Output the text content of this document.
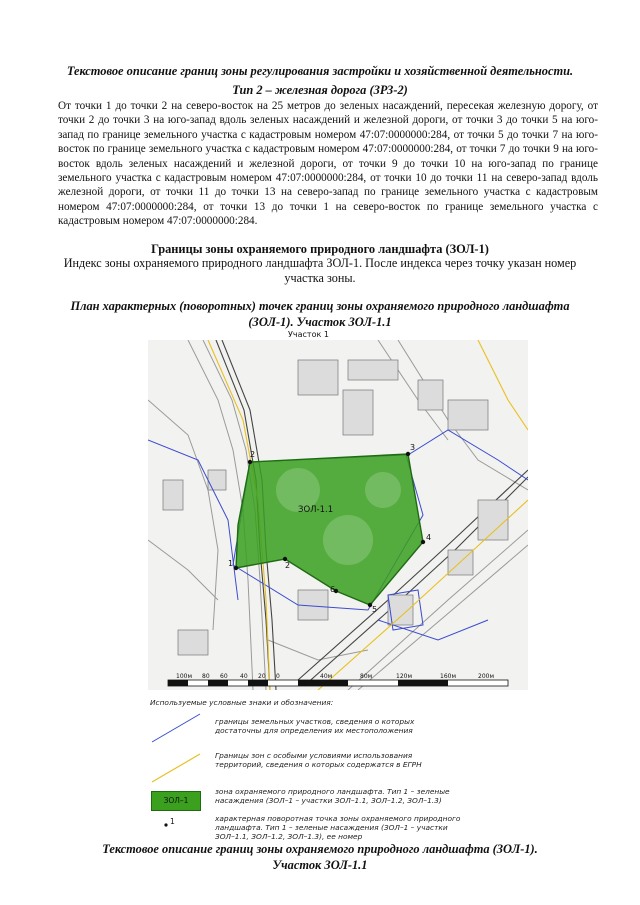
Текстовое описание границ зоны регулирования застройки и хозяйственной деятельности.
Тип 2 – железная дорога (ЗРЗ-2)
От точки 1 до точки 2 на северо-восток на 25 метров до зеленых насаждений, пересекая железную дорогу, от точки 2 до точки 3 на юго-запад вдоль зеленых насаждений и железной дороги, от точки 3 до точки 5 на юго-запад по границе земельного участка с кадастровым номером 47:07:0000000:284, от точки 5 до точки 7 на юго-восток по границе земельного участка с кадастровым номером 47:07:0000000:284, от точки 7 до точки 9 на юго-восток вдоль зеленых насаждений и железной дороги, от точки 9 до точки 10 на юго-запад по границе земельного участка с кадастровым номером 47:07:0000000:284, от точки 10 до точки 11 на северо-запад вдоль железной дороги, от точки 11 до точки 13 на северо-запад по границе земельного участка с кадастровым номером 47:07:0000000:284, от точки 13 до точки 1 на северо-восток по границе земельного участка с кадастровым номером 47:07:0000000:284.
Границы зоны охраняемого природного ландшафта (ЗОЛ-1)
Индекс зоны охраняемого природного ландшафта ЗОЛ-1. После индекса через точку указан номер
участка зоны.
План характерных (поворотных) точек границ зоны охраняемого природного ландшафта
(ЗОЛ-1). Участок ЗОЛ-1.1
Участок 1
2
3
4
5
6
2
1
ЗОЛ-1.1
100м 80 60 40 20 0	40м	80м	120м	160м	200м
Используемые условные знаки и обозначения:
ЗОЛ–1
1
границы земельных участков, сведения о которых
достаточны для определения их местоположения
Границы зон с особыми условиями использования
территорий, сведения о которых содержатся в ЕГРН
зона охраняемого природного ландшафта. Тип 1 – зеленые
насаждения (ЗОЛ–1 – участки ЗОЛ–1.1, ЗОЛ–1.2, ЗОЛ–1.3)
характерная поворотная точка зоны охраняемого природного
ландшафта. Тип 1 – зеленые насаждения (ЗОЛ–1 – участки
ЗОЛ–1.1, ЗОЛ–1.2, ЗОЛ–1.3), ее номер
Текстовое описание границ зоны охраняемого природного ландшафта (ЗОЛ-1).
Участок ЗОЛ-1.1
